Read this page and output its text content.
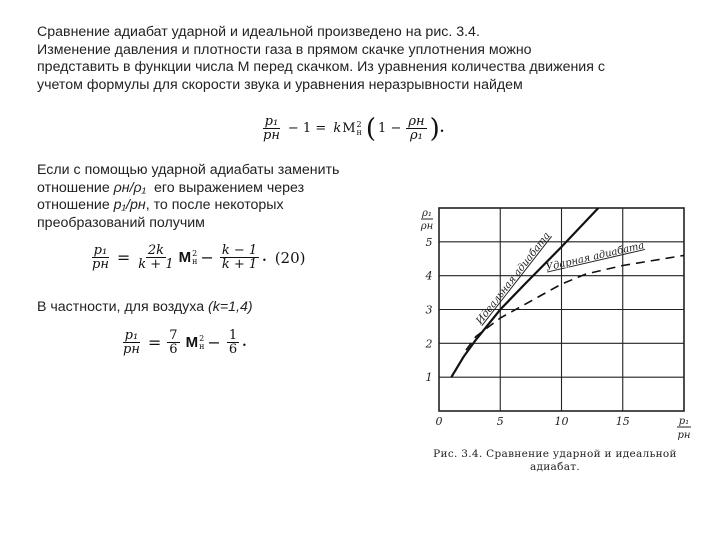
Сравнение адиабат ударной и идеальной произведено на рис. 3.4.
Изменение давления и плотности газа в прямом скачке уплотнения можно
представить в функции числа М перед скачком. Из уравнения количества движения с
учетом формулы для скорости звука и уравнения неразрывности найдем
$\frac{\text{p₁}}{pн} - 1 = k$ M 2
н ( $1 - \frac{\rho н}{\text{ρ₁}}$ ) .
Если с помощью ударной адиабаты заменить
отношение ρн/ρ₁  его выражением через
отношение p₁/pн, то после некоторых
преобразований получим
$\frac{\text{p₁}}{pн} = \frac{2k}{k + 1}$ M 2
$н - \frac{k - 1}{k + 1}$ . (20)
В частности, для воздуха (k=1,4)
$\frac{\text{p₁}}{pн} = \frac{7}{6}$ M 2
$н - \frac{1}{6}$ .
0	5	10	15
1
2
3
4
5
ρ₁
ρн
p₁
pн
Идеальная адиабата
Ударная адиабата
Рис. 3.4. Сравнение ударной и идеальной
адиабат.
